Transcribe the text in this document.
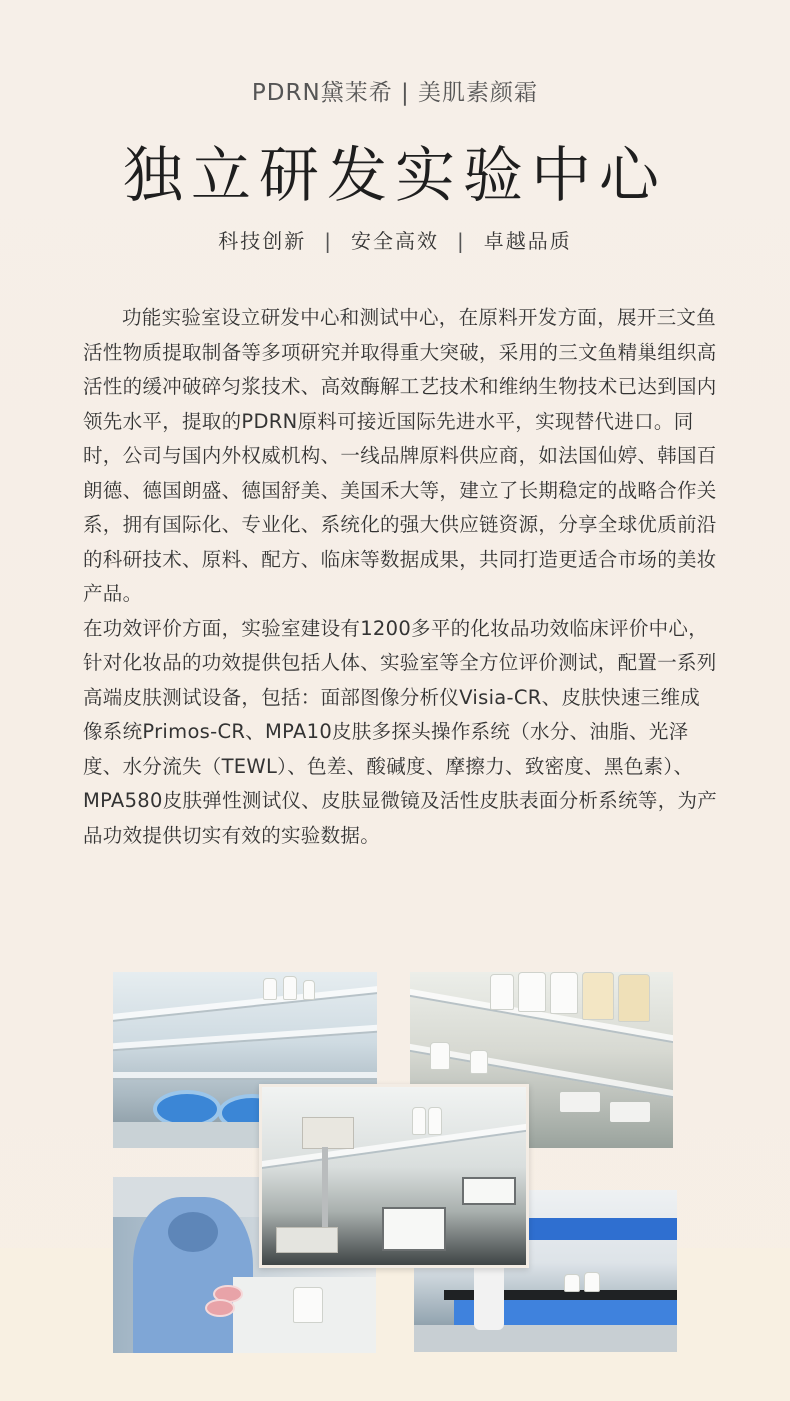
PDRN黛茉希 | 美肌素颜霜
独立研发实验中心
科技创新 | 安全高效 | 卓越品质

功能实验室设立研发中心和测试中心，在原料开发方面，展开三文鱼活性物质提取制备等多项研究并取得重大突破，采用的三文鱼精巢组织高活性的缓冲破碎匀浆技术、高效酶解工艺技术和维纳生物技术已达到国内领先水平，提取的PDRN原料可接近国际先进水平，实现替代进口。同时，公司与国内外权威机构、一线品牌原料供应商，如法国仙婷、韩国百朗德、德国朗盛、德国舒美、美国禾大等，建立了长期稳定的战略合作关系，拥有国际化、专业化、系统化的强大供应链资源，分享全球优质前沿的科研技术、原料、配方、临床等数据成果，共同打造更适合市场的美妆产品。

在功效评价方面，实验室建设有1200多平的化妆品功效临床评价中心，针对化妆品的功效提供包括人体、实验室等全方位评价测试，配置一系列高端皮肤测试设备，包括：面部图像分析仪Visia-CR、皮肤快速三维成像系统Primos-CR、MPA10皮肤多探头操作系统（水分、油脂、光泽度、水分流失（TEWL）、色差、酸碱度、摩擦力、致密度、黑色素）、MPA580皮肤弹性测试仪、皮肤显微镜及活性皮肤表面分析系统等，为产品功效提供切实有效的实验数据。
